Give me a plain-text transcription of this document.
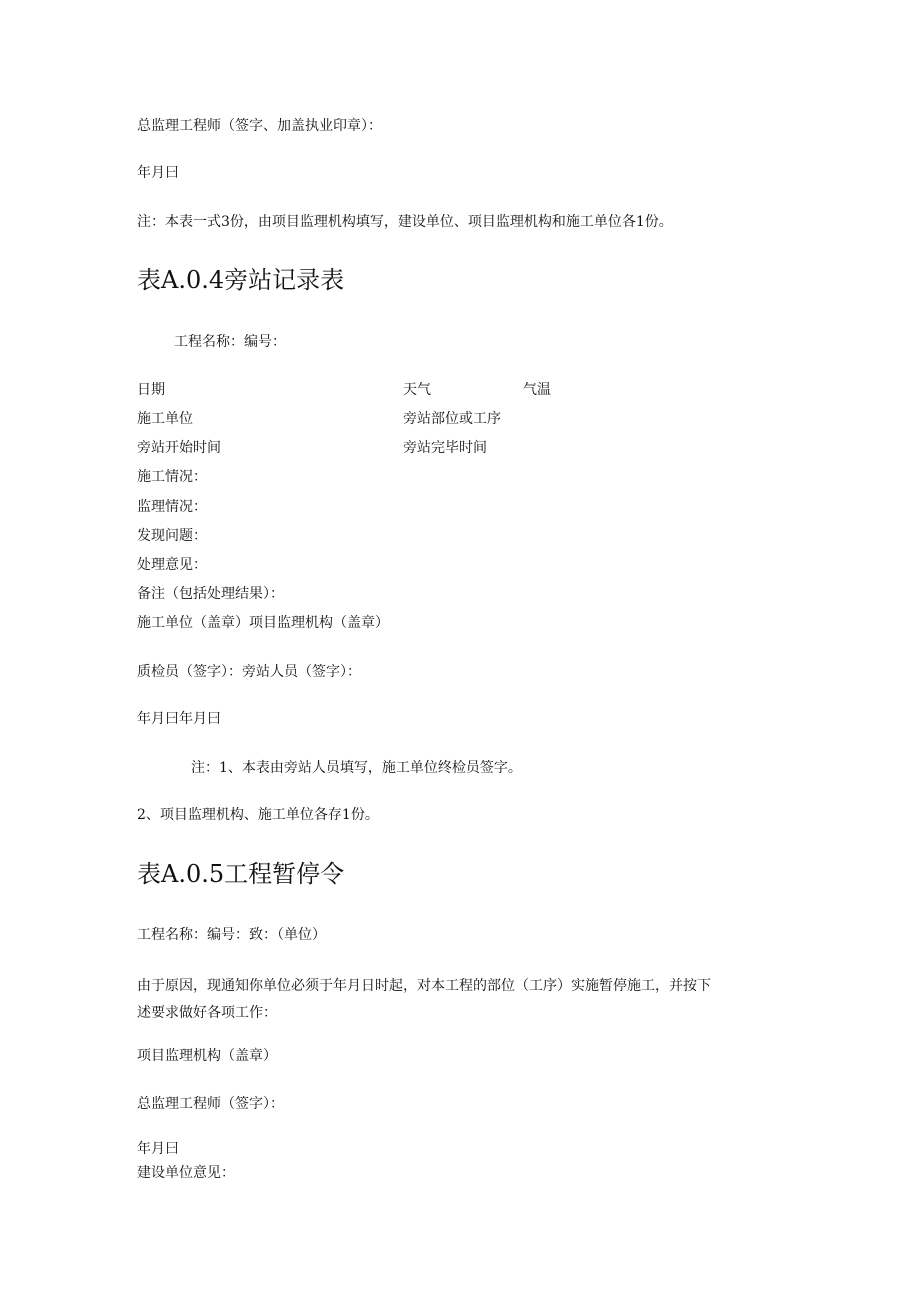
总监理工程师（签字、加盖执业印章）：
年月曰
注：本表一式3份，由项目监理机构填写，建设单位、项目监理机构和施工单位各1份。
表A.0.4旁站记录表
工程名称：编号：
日期	天气	气温
施工单位	旁站部位或工序
旁站开始时间	旁站完毕时间
施工情况：
监理情况：
发现问题：
处理意见：
备注（包括处理结果）：
施工单位（盖章）项目监理机构（盖章）
质检员（签字）：旁站人员（签字）：
年月曰年月曰
注：1、本表由旁站人员填写，施工单位终检员签字。
2、项目监理机构、施工单位各存1份。
表A.0.5工程暂停令
工程名称：编号：致：（单位）
由于原因，现通知你单位必须于年月日时起，对本工程的部位（工序）实施暂停施工，并按下
述要求做好各项工作：
项目监理机构（盖章）
总监理工程师（签字）：
年月曰
建设单位意见：
